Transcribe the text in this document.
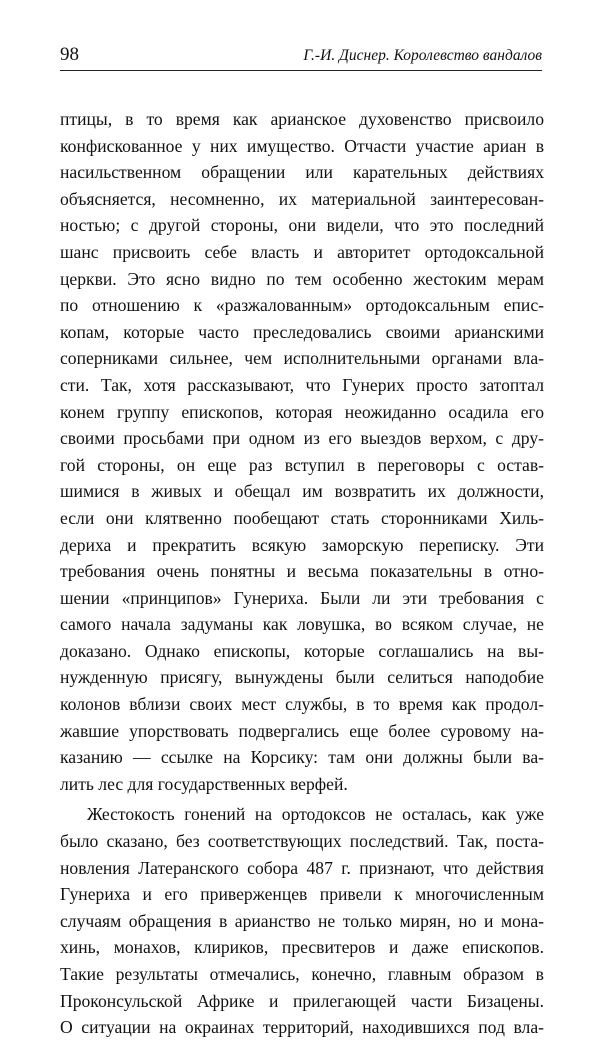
98	Г.-И. Диснер. Королевство вандалов
птицы, в то время как арианское духовенство присвоило
конфискованное у них имущество. Отчасти участие ариан в
насильственном обращении или карательных действиях
объясняется, несомненно, их материальной заинтересован-
ностью; с другой стороны, они видели, что это последний
шанс присвоить себе власть и авторитет ортодоксальной
церкви. Это ясно видно по тем особенно жестоким мерам
по отношению к «разжалованным» ортодоксальным епис-
копам, которые часто преследовались своими арианскими
соперниками сильнее, чем исполнительными органами вла-
сти. Так, хотя рассказывают, что Гунерих просто затоптал
конем группу епископов, которая неожиданно осадила его
своими просьбами при одном из его выездов верхом, с дру-
гой стороны, он еще раз вступил в переговоры с остав-
шимися в живых и обещал им возвратить их должности,
если они клятвенно пообещают стать сторонниками Хиль-
дериха и прекратить всякую заморскую переписку. Эти
требования очень понятны и весьма показательны в отно-
шении «принципов» Гунериха. Были ли эти требования с
самого начала задуманы как ловушка, во всяком случае, не
доказано. Однако епископы, которые соглашались на вы-
нужденную присягу, вынуждены были селиться наподобие
колонов вблизи своих мест службы, в то время как продол-
жавшие упорствовать подвергались еще более суровому на-
казанию — ссылке на Корсику: там они должны были ва-
лить лес для государственных верфей.
Жестокость гонений на ортодоксов не осталась, как уже
было сказано, без соответствующих последствий. Так, поста-
новления Латеранского собора 487 г. признают, что действия
Гунериха и его приверженцев привели к многочисленным
случаям обращения в арианство не только мирян, но и мона-
хинь, монахов, клириков, пресвитеров и даже епископов.
Такие результаты отмечались, конечно, главным образом в
Проконсульской Африке и прилегающей части Бизацены.
О ситуации на окраинах территорий, находившихся под вла-
